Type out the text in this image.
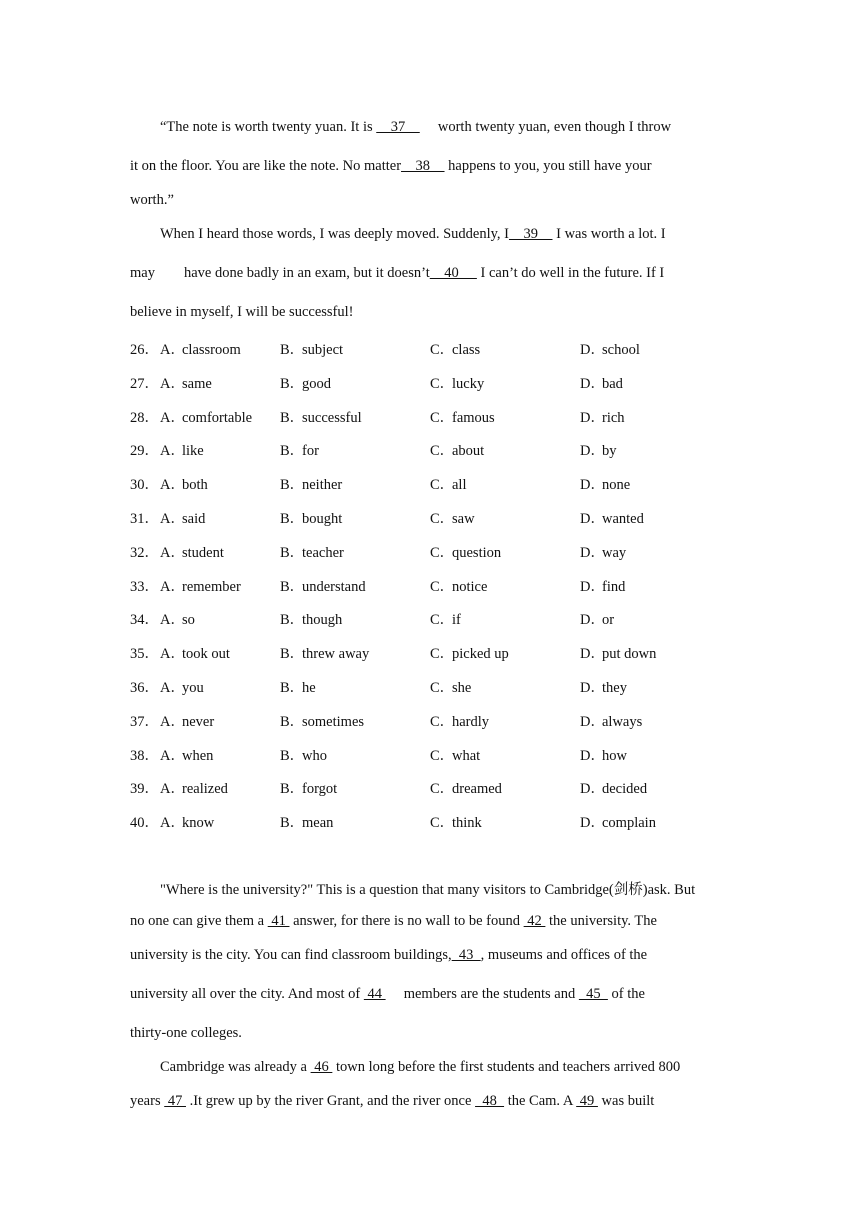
“The note is worth twenty yuan. It is     37         worth twenty yuan, even though I throw
it on the floor. You are like the note. No matter    38     happens to you, you still have your
worth.”
When I heard those words, I was deeply moved. Suddenly, I    39     I was worth a lot. I
may        have done badly in an exam, but it doesn’t    40      I can’t do well in the future. If I
believe in myself, I will be successful!
26． A．classroom	B．subject	C．class	D．school
27． A．same	B．good	C．lucky	D．bad
28． A．comfortable B．successful	C．famous	D．rich
29． A．like	B．for	C．about	D．by
30． A．both	B．neither	C．all	D．none
31． A．said	B．bought	C．saw	D．wanted
32． A．student	B．teacher	C．question	D．way
33． A．remember	B．understand	C．notice	D．find
34． A．so	B．though	C．if	D．or
35． A．took out	B．threw away	C．picked up	D．put down
36． A．you	B．he	C．she	D．they
37． A．never	B．sometimes	C．hardly	D．always
38． A．when	B．who	C．what	D．how
39． A．realized	B．forgot	C．dreamed	D．decided
40． A．know	B．mean	C．think	D．complain
"Where is the university?" This is a question that many visitors to Cambridge(剑桥)ask. But
no one can give them a  41  answer, for there is no wall to be found  42  the university. The
university is the city. You can find classroom buildings,  43  , museums and offices of the
university all over the city. And most of  44      members are the students and   45   of the
thirty-one colleges.
Cambridge was already a  46  town long before the first students and teachers arrived 800
years  47  .It grew up by the river Grant, and the river once   48   the Cam. A  49  was built
